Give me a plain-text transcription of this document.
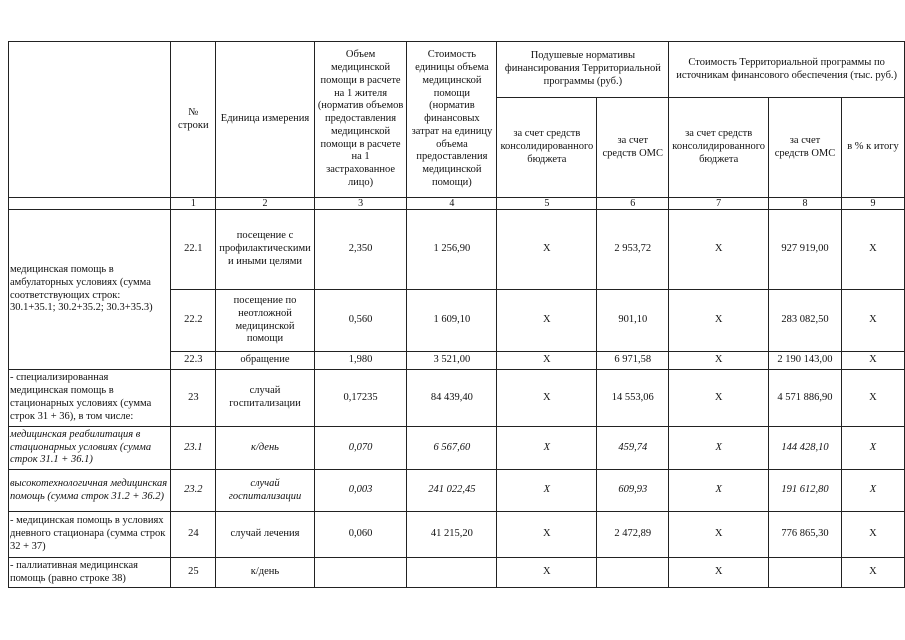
	№ строки	Единица измерения	Объем медицинской помощи в расчете на 1 жителя (норматив объемов предоставления медицинской помощи в расчете на 1 застрахованное лицо)	Стоимость единицы объема медицинской помощи (норматив финансовых затрат на единицу объема предоставления медицинской помощи)	Подушевые нормативы финансирования Территориальной программы (руб.)		Стоимость Территориальной программы по источникам финансового обеспечения (тыс. руб.)		
					за счет средств консолидированного бюджета	за счет средств ОМС	за счет средств консолидированного бюджета	за счет средств ОМС	в % к итогу
	1	2	3	4	5	6	7	8	9
медицинская помощь в амбулаторных условиях (сумма соответствующих строк: 30.1+35.1; 30.2+35.2; 30.3+35.3)	22.1	посещение с профилактическими и иными целями	2,350	1 256,90	X	2 953,72	X	927 919,00	X
	22.2	посещение по неотложной медицинской помощи	0,560	1 609,10	X	901,10	X	283 082,50	X
	22.3	обращение	1,980	3 521,00	X	6 971,58	X	2 190 143,00	X
- специализированная медицинская помощь в стационарных условиях (сумма строк 31 + 36), в том числе:	23	случай госпитализации	0,17235	84 439,40	X	14 553,06	X	4 571 886,90	X
медицинская реабилитация в стационарных условиях (сумма строк 31.1 + 36.1)	23.1	к/день	0,070	6 567,60	X	459,74	X	144 428,10	X
высокотехнологичная медицинская помощь (сумма строк 31.2 + 36.2)	23.2	случай госпитализации	0,003	241 022,45	X	609,93	X	191 612,80	X
- медицинская помощь в условиях дневного стационара (сумма строк 32 + 37)	24	случай лечения	0,060	41 215,20	X	2 472,89	X	776 865,30	X
- паллиативная медицинская помощь (равно строке 38)	25	к/день			X		X		X
